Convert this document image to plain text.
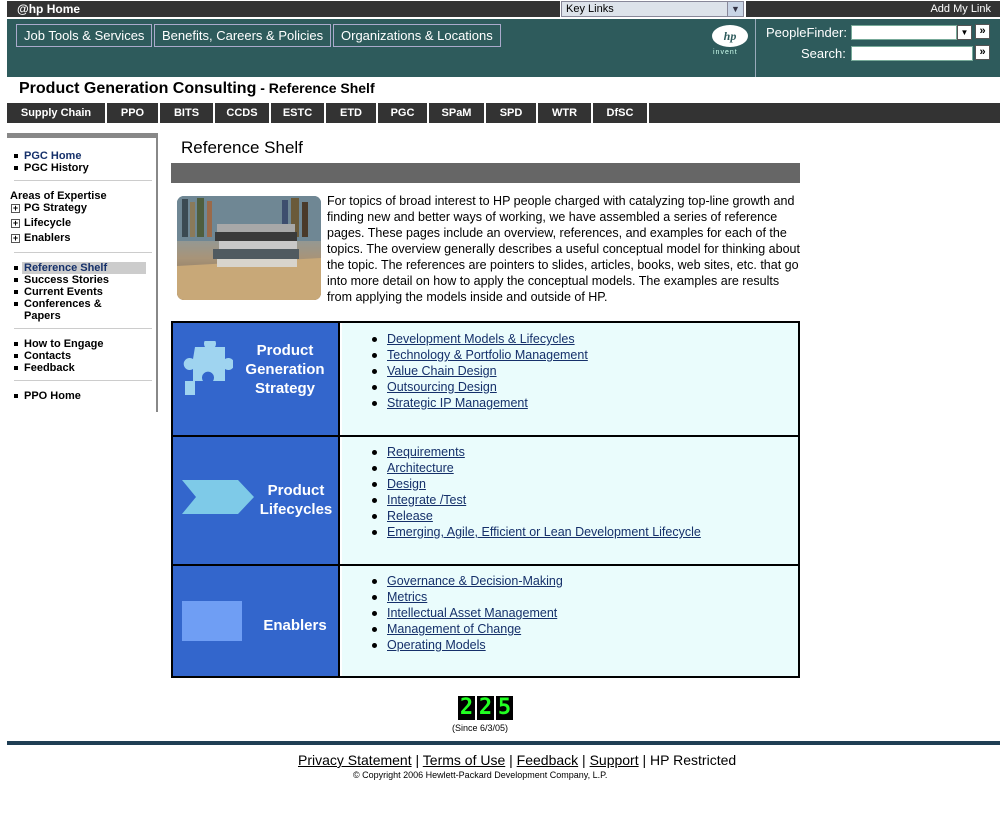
@hp Home	Key Links	▼	Add My Link
Job Tools & Services	Benefits, Careers & Policies	Organizations & Locations	hp
invent
PeopleFinder:	▼ »
Search:	»
Product Generation Consulting - Reference Shelf
Supply Chain	PPO	BITS	CCDS	ESTC	ETD	PGC	SPaM	SPD	WTR	DfSC
PGC Home
PGC History
Areas of Expertise
+ PG Strategy
+ Lifecycle
+ Enablers
Reference Shelf
Success Stories
Current Events
Conferences &
Papers
How to Engage
Contacts
Feedback
PPO Home
Reference Shelf
For topics of broad interest to HP people charged with catalyzing top-line growth and finding new and better ways of working, we have assembled a series of reference pages. These pages include an overview, references, and examples for each of the topics. The overview generally describes a useful conceptual model for thinking about the topic. The references are pointers to slides, articles, books, web sites, etc. that go into more detail on how to apply the conceptual models. The examples are results from applying the models inside and outside of HP.
Product
Generation
Strategy
Development Models & Lifecycles
Technology & Portfolio Management
Value Chain Design
Outsourcing Design
Strategic IP Management
Product
Lifecycles
Requirements
Architecture
Design
Integrate /Test
Release
Emerging, Agile, Efficient or Lean Development Lifecycle
Enablers
Governance & Decision-Making
Metrics
Intellectual Asset Management
Management of Change
Operating Models
2 2 5
(Since 6/3/05)
Privacy Statement | Terms of Use | Feedback | Support | HP Restricted
© Copyright 2006 Hewlett-Packard Development Company, L.P.
